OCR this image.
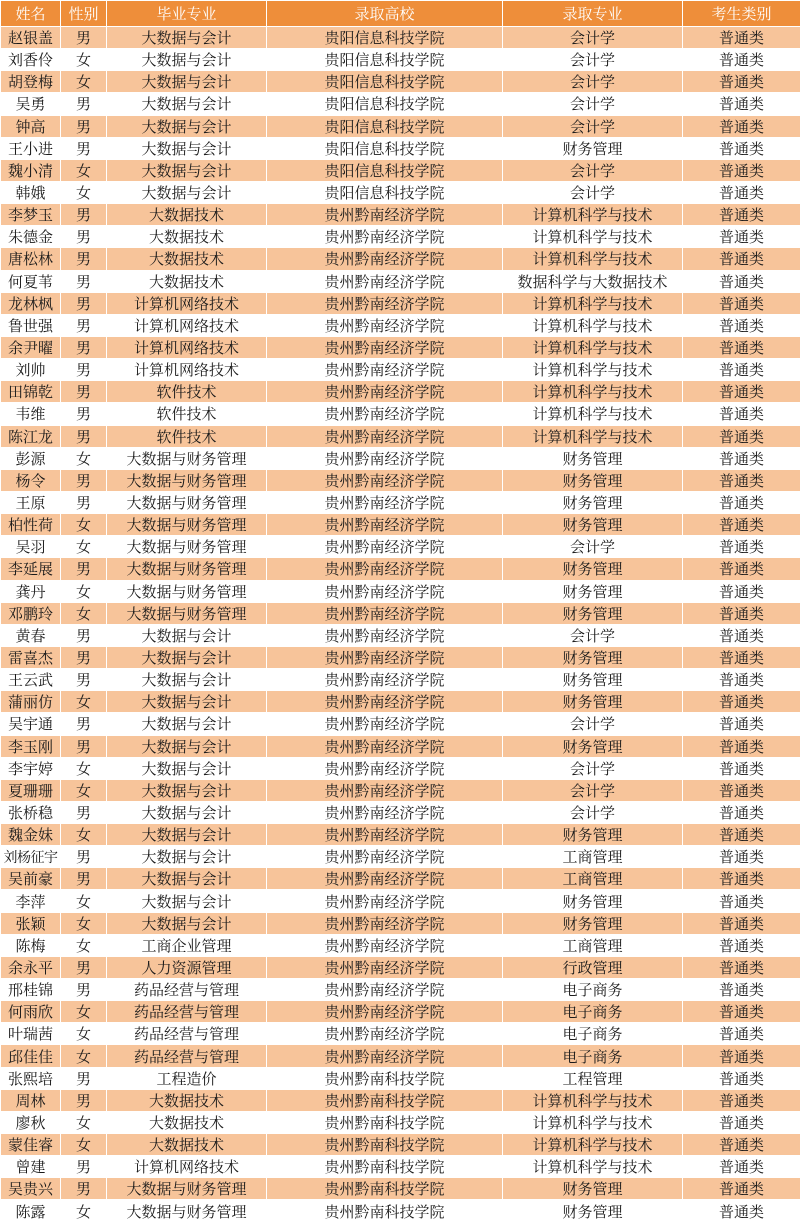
姓名	性别	毕业专业	录取高校	录取专业	考生类别
赵银盖	男	大数据与会计	贵阳信息科技学院	会计学	普通类
刘香伶	女	大数据与会计	贵阳信息科技学院	会计学	普通类
胡登梅	女	大数据与会计	贵阳信息科技学院	会计学	普通类
吴勇	男	大数据与会计	贵阳信息科技学院	会计学	普通类
钟高	男	大数据与会计	贵阳信息科技学院	会计学	普通类
王小进	男	大数据与会计	贵阳信息科技学院	财务管理	普通类
魏小清	女	大数据与会计	贵阳信息科技学院	会计学	普通类
韩娥	女	大数据与会计	贵阳信息科技学院	会计学	普通类
李梦玉	男	大数据技术	贵州黔南经济学院	计算机科学与技术	普通类
朱德金	男	大数据技术	贵州黔南经济学院	计算机科学与技术	普通类
唐松林	男	大数据技术	贵州黔南经济学院	计算机科学与技术	普通类
何夏苇	男	大数据技术	贵州黔南经济学院	数据科学与大数据技术	普通类
龙林枫	男	计算机网络技术	贵州黔南经济学院	计算机科学与技术	普通类
鲁世强	男	计算机网络技术	贵州黔南经济学院	计算机科学与技术	普通类
余尹曜	男	计算机网络技术	贵州黔南经济学院	计算机科学与技术	普通类
刘帅	男	计算机网络技术	贵州黔南经济学院	计算机科学与技术	普通类
田锦乾	男	软件技术	贵州黔南经济学院	计算机科学与技术	普通类
韦维	男	软件技术	贵州黔南经济学院	计算机科学与技术	普通类
陈江龙	男	软件技术	贵州黔南经济学院	计算机科学与技术	普通类
彭源	女	大数据与财务管理	贵州黔南经济学院	财务管理	普通类
杨令	男	大数据与财务管理	贵州黔南经济学院	财务管理	普通类
王原	男	大数据与财务管理	贵州黔南经济学院	财务管理	普通类
柏性荷	女	大数据与财务管理	贵州黔南经济学院	财务管理	普通类
吴羽	女	大数据与财务管理	贵州黔南经济学院	会计学	普通类
李延展	男	大数据与财务管理	贵州黔南经济学院	财务管理	普通类
龚丹	女	大数据与财务管理	贵州黔南经济学院	财务管理	普通类
邓鹏玲	女	大数据与财务管理	贵州黔南经济学院	财务管理	普通类
黄春	男	大数据与会计	贵州黔南经济学院	会计学	普通类
雷喜杰	男	大数据与会计	贵州黔南经济学院	财务管理	普通类
王云武	男	大数据与会计	贵州黔南经济学院	财务管理	普通类
蒲丽仿	女	大数据与会计	贵州黔南经济学院	财务管理	普通类
吴宇通	男	大数据与会计	贵州黔南经济学院	会计学	普通类
李玉刚	男	大数据与会计	贵州黔南经济学院	财务管理	普通类
李宇婷	女	大数据与会计	贵州黔南经济学院	会计学	普通类
夏珊珊	女	大数据与会计	贵州黔南经济学院	会计学	普通类
张桥稳	男	大数据与会计	贵州黔南经济学院	会计学	普通类
魏金妹	女	大数据与会计	贵州黔南经济学院	财务管理	普通类
刘杨征宇	男	大数据与会计	贵州黔南经济学院	工商管理	普通类
吴前豪	男	大数据与会计	贵州黔南经济学院	工商管理	普通类
李萍	女	大数据与会计	贵州黔南经济学院	财务管理	普通类
张颖	女	大数据与会计	贵州黔南经济学院	财务管理	普通类
陈梅	女	工商企业管理	贵州黔南经济学院	工商管理	普通类
余永平	男	人力资源管理	贵州黔南经济学院	行政管理	普通类
邢桂锦	男	药品经营与管理	贵州黔南经济学院	电子商务	普通类
何雨欣	女	药品经营与管理	贵州黔南经济学院	电子商务	普通类
叶瑞茜	女	药品经营与管理	贵州黔南经济学院	电子商务	普通类
邱佳佳	女	药品经营与管理	贵州黔南经济学院	电子商务	普通类
张熙培	男	工程造价	贵州黔南科技学院	工程管理	普通类
周林	男	大数据技术	贵州黔南科技学院	计算机科学与技术	普通类
廖秋	女	大数据技术	贵州黔南科技学院	计算机科学与技术	普通类
蒙佳睿	女	大数据技术	贵州黔南科技学院	计算机科学与技术	普通类
曾建	男	计算机网络技术	贵州黔南科技学院	计算机科学与技术	普通类
吴贵兴	男	大数据与财务管理	贵州黔南科技学院	财务管理	普通类
陈露	女	大数据与财务管理	贵州黔南科技学院	财务管理	普通类
